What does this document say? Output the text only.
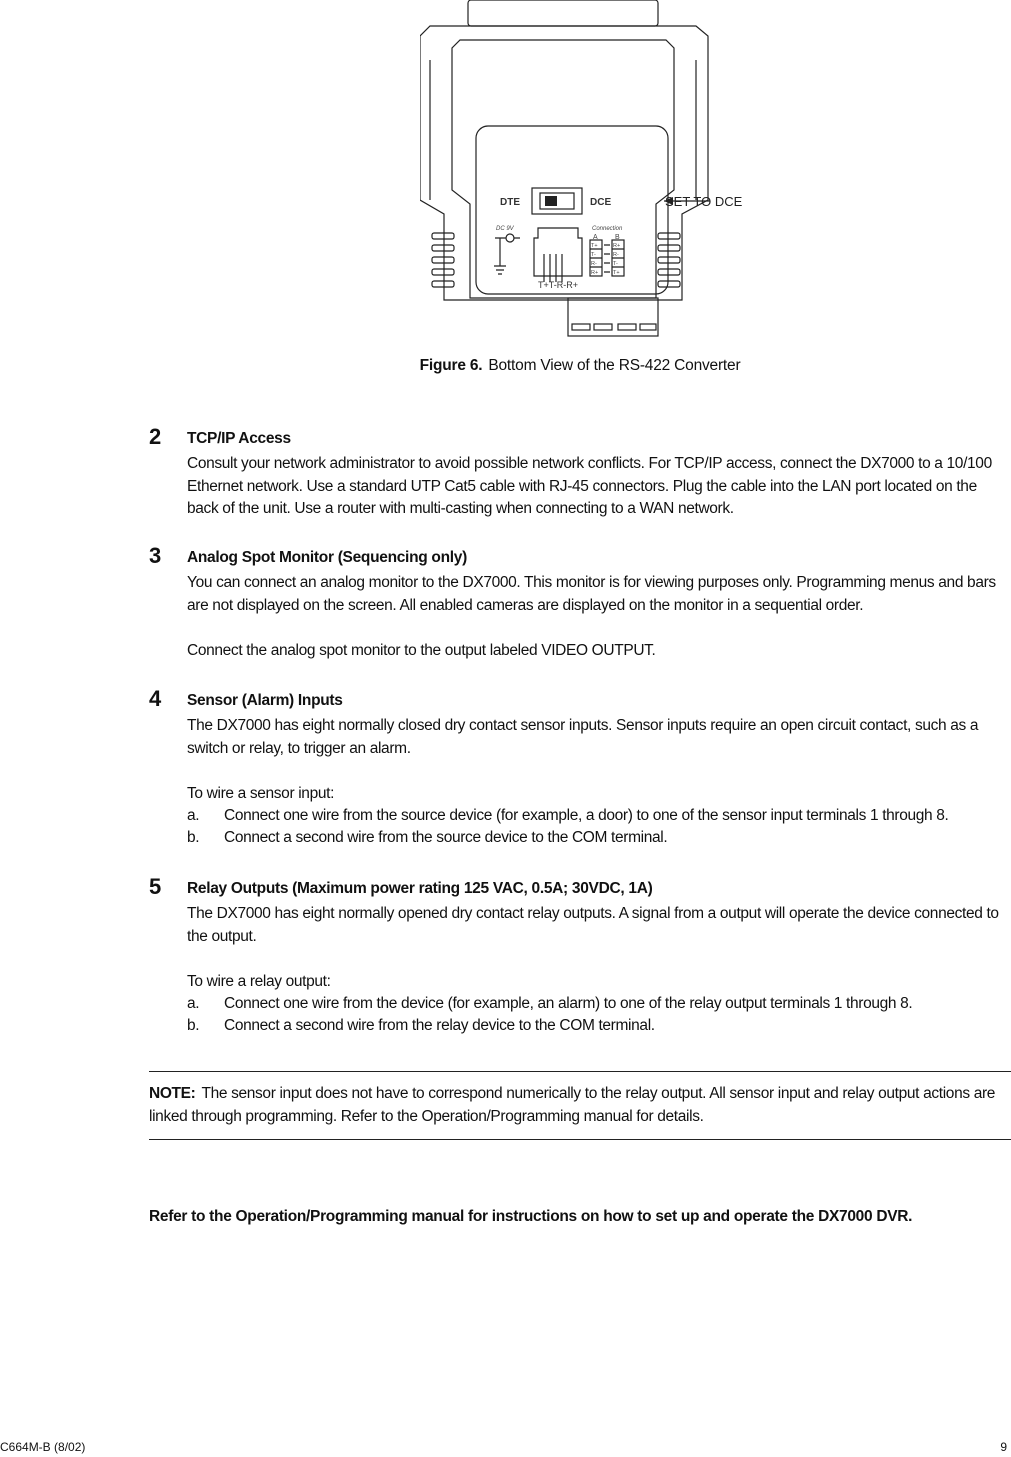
DTE	DCE	SET TO DCE
DC 9V	Connection
A B
T+
T-
R-
R+
R+
R-
T-
T+
T+T-R-R+
Figure 6. Bottom View of the RS-422 Converter
2 TCP/IP Access
Consult your network administrator to avoid possible network conflicts. For TCP/IP access, connect the DX7000 to a 10/100 Ethernet network. Use a standard UTP Cat5 cable with RJ-45 connectors. Plug the cable into the LAN port located on the back of the unit. Use a router with multi-casting when connecting to a WAN network.
3 Analog Spot Monitor (Sequencing only)
You can connect an analog monitor to the DX7000. This monitor is for viewing purposes only. Programming menus and bars are not displayed on the screen. All enabled cameras are displayed on the monitor in a sequential order.
Connect the analog spot monitor to the output labeled VIDEO OUTPUT.
4 Sensor (Alarm) Inputs
The DX7000 has eight normally closed dry contact sensor inputs. Sensor inputs require an open circuit contact, such as a switch or relay, to trigger an alarm.
To wire a sensor input:
a. Connect one wire from the source device (for example, a door) to one of the sensor input terminals 1 through 8.
b. Connect a second wire from the source device to the COM terminal.
5 Relay Outputs (Maximum power rating 125 VAC, 0.5A; 30VDC, 1A)
The DX7000 has eight normally opened dry contact relay outputs. A signal from a output will operate the device connected to the output.
To wire a relay output:
a. Connect one wire from the device (for example, an alarm) to one of the relay output terminals 1 through 8.
b. Connect a second wire from the relay device to the COM terminal.
NOTE: The sensor input does not have to correspond numerically to the relay output. All sensor input and relay output actions are linked through programming. Refer to the Operation/Programming manual for details.
Refer to the Operation/Programming manual for instructions on how to set up and operate the DX7000 DVR.
C664M-B (8/02)	9
